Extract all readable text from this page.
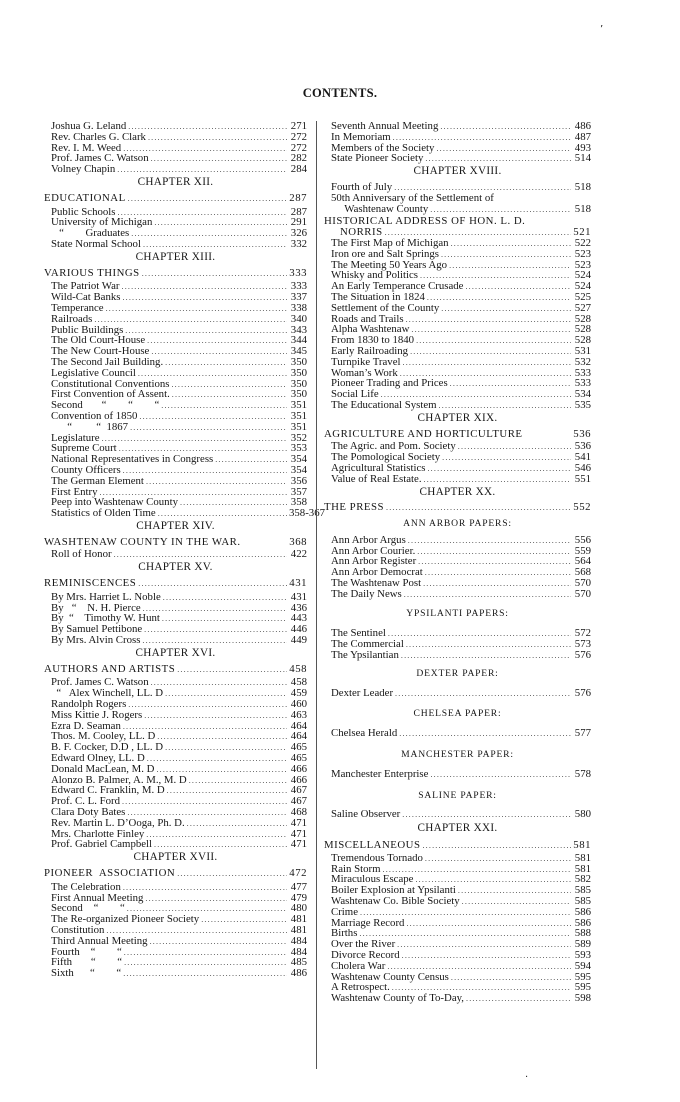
CONTENTS.
Joshua G. Leland .....	271
Rev. Charles G. Clark .....	272
Rev. I. M. Weed .....	272
Prof. James C. Watson .....	282
Volney Chapin .....	284
CHAPTER XII.
EDUCATIONAL .....	287
Public Schools .....	287
University of Michigan .....	291
“        Graduates .....	326
State Normal School .....	332
CHAPTER XIII.
VARIOUS THINGS .....	333
The Patriot War .....	333
Wild-Cat Banks .....	337
Temperance .....	338
Railroads .....	340
Public Buildings .....	343
The Old Court-House .....	344
The New Court-House .....	345
The Second Jail Building. .....	350
Legislative Council .....	350
Constitutional Conventions .....	350
First Convention of Assent. .....	350
Second       “        “        “ .....	351
Convention of 1850 .....	351
“         “  1867 .....	351
Legislature .....	352
Supreme Court .....	353
National Representatives in Congress .....	354
County Officers .....	354
The German Element .....	356
First Entry .....	357
Peep into Washtenaw County .....	358
Statistics of Olden Time .....	358-367
CHAPTER XIV.
WASHTENAW COUNTY IN THE WAR.	368
Roll of Honor .....	422
CHAPTER XV.
REMINISCENCES .....	431
By Mrs. Harriet L. Noble .....	431
By   “    N. H. Pierce .....	436
By  “    Timothy W. Hunt .....	443
By Samuel Pettibone .....	446
By Mrs. Alvin Cross .....	449
CHAPTER XVI.
AUTHORS AND ARTISTS .....	458
Prof. James C. Watson .....	458
“   Alex Winchell, LL. D .....	459
Randolph Rogers .....	460
Miss Kittie J. Rogers .....	463
Ezra D. Seaman .....	464
Thos. M. Cooley, LL. D .....	464
B. F. Cocker, D.D , LL. D .....	465
Edward Olney, LL. D .....	465
Donald MacLean, M. D .....	466
Alonzo B. Palmer, A. M., M. D .....	466
Edward C. Franklin, M. D .....	467
Prof. C. L. Ford .....	467
Clara Doty Bates .....	468
Rev. Martin L. D’Ooga, Ph. D. .....	471
Mrs. Charlotte Finley .....	471
Prof. Gabriel Campbell .....	471
CHAPTER XVII.
PIONEER  ASSOCIATION .....	472
The Celebration .....	477
First Annual Meeting .....	479
Second    “        “ .....	480
The Re-organized Pioneer Society .....	481
Constitution .....	481
Third Annual Meeting .....	484
Fourth    “        “ .....	484
Fifth       “        “ .....	485
Sixth      “        “ .....	486
Seventh Annual Meeting .....	486
In Memoriam .....	487
Members of the Society .....	493
State Pioneer Society .....	514
CHAPTER XVIII.
Fourth of July .....	518
50th Anniversary of the Settlement of
Washtenaw County .....	518
HISTORICAL ADDRESS OF HON. L. D.
NORRIS .....	521
The First Map of Michigan .....	522
Iron ore and Salt Springs .....	523
The Meeting 50 Years Ago .....	523
Whisky and Politics .....	524
An Early Temperance Crusade .....	524
The Situation in 1824 .....	525
Settlement of the County .....	527
Roads and Trails .....	528
Alpha Washtenaw .....	528
From 1830 to 1840 .....	528
Early Railroading .....	531
Turnpike Travel .....	532
Woman’s Work .....	533
Pioneer Trading and Prices .....	533
Social Life .....	534
The Educational System .....	535
CHAPTER XIX.
AGRICULTURE AND HORTICULTURE	536
The Agric. and Pom. Society .....	536
The Pomological Society .....	541
Agricultural Statistics .....	546
Value of Real Estate. .....	551
CHAPTER XX.
THE PRESS .....	552
ANN ARBOR PAPERS:
Ann Arbor Argus .....	556
Ann Arbor Courier. .....	559
Ann Arbor Register .....	564
Ann Arbor Democrat .....	568
The Washtenaw Post .....	570
The Daily News .....	570
YPSILANTI PAPERS:
The Sentinel .....	572
The Commercial .....	573
The Ypsilantian .....	576
DEXTER PAPER:
Dexter Leader .....	576
CHELSEA PAPER:
Chelsea Herald .....	577
MANCHESTER PAPER:
Manchester Enterprise .....	578
SALINE PAPER:
Saline Observer .....	580
CHAPTER XXI.
MISCELLANEOUS .....	581
Tremendous Tornado .....	581
Rain Storm .....	581
Miraculous Escape .....	582
Boiler Explosion at Ypsilanti .....	585
Washtenaw Co. Bible Society .....	585
Crime .....	586
Marriage Record .....	586
Births .....	588
Over the River .....	589
Divorce Record .....	593
Cholera War .....	594
Washtenaw County Census .....	595
A Retrospect. .....	595
Washtenaw County of To-Day, .....	598
’
·
